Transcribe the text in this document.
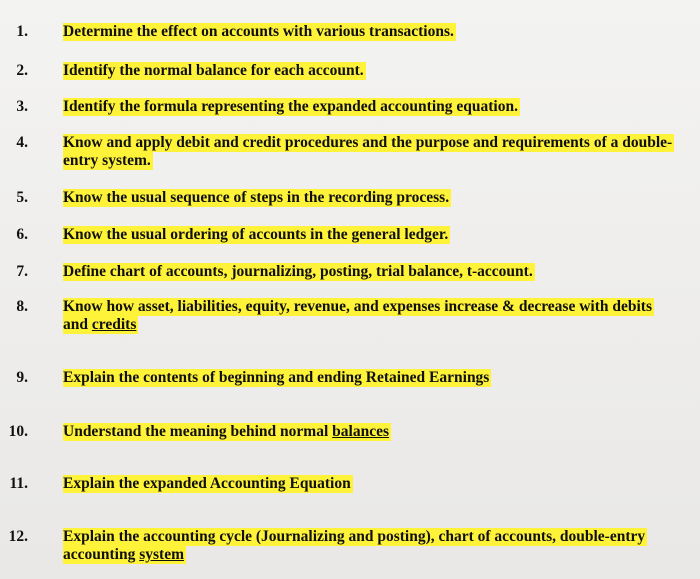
1. Determine the effect on accounts with various transactions.
2. Identify the normal balance for each account.
3. Identify the formula representing the expanded accounting equation.
4. Know and apply debit and credit procedures and the purpose and requirements of a double-
entry system.
5. Know the usual sequence of steps in the recording process.
6. Know the usual ordering of accounts in the general ledger.
7. Define chart of accounts, journalizing, posting, trial balance, t-account.
8. Know how asset, liabilities, equity, revenue, and expenses increase & decrease with debits
and credits
9. Explain the contents of beginning and ending Retained Earnings
10. Understand the meaning behind normal balances
11. Explain the expanded Accounting Equation
12. Explain the accounting cycle (Journalizing and posting), chart of accounts, double-entry
accounting system
